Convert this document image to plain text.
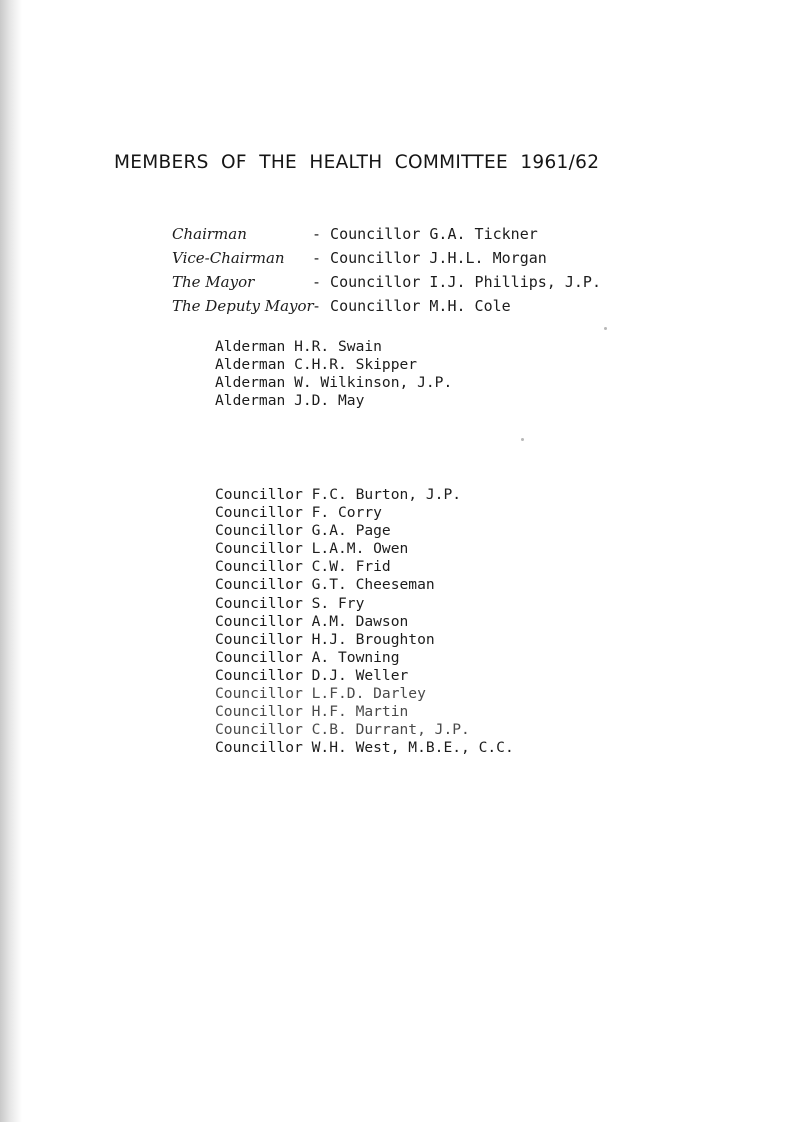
MEMBERS  OF  THE  HEALTH  COMMITTEE  1961/62

Chairman	- Councillor G.A. Tickner

Vice-Chairman - Councillor J.H.L. Morgan

The Mayor	- Councillor I.J. Phillips, J.P.

The Deputy Mayor- Councillor M.H. Cole

Alderman H.R. Swain
Alderman C.H.R. Skipper
Alderman W. Wilkinson, J.P.
Alderman J.D. May
Councillor F.C. Burton, J.P.
Councillor F. Corry
Councillor G.A. Page
Councillor L.A.M. Owen
Councillor C.W. Frid
Councillor G.T. Cheeseman
Councillor S. Fry
Councillor A.M. Dawson
Councillor H.J. Broughton
Councillor A. Towning
Councillor D.J. Weller
Councillor L.F.D. Darley
Councillor H.F. Martin
Councillor C.B. Durrant, J.P.
Councillor W.H. West, M.B.E., C.C.
